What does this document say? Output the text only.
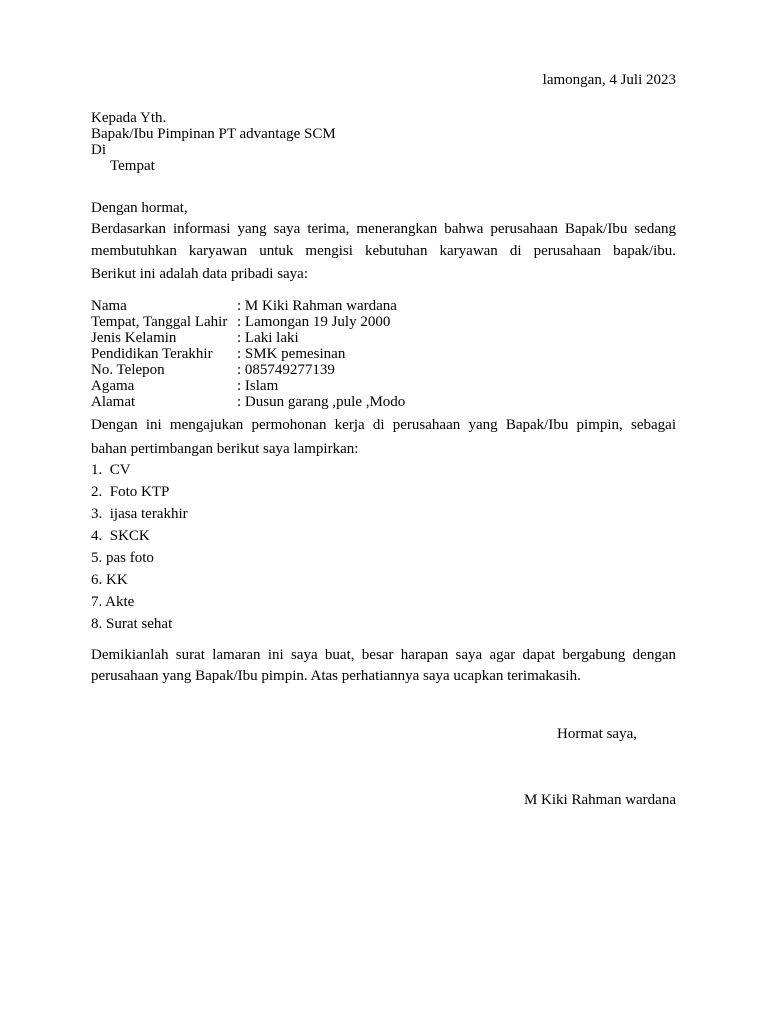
lamongan, 4 Juli 2023
Kepada Yth.
Bapak/Ibu Pimpinan PT advantage SCM
Di
Tempat
Dengan hormat,
Berdasarkan informasi yang saya terima, menerangkan bahwa perusahaan Bapak/Ibu sedang membutuhkan karyawan untuk mengisi kebutuhan karyawan di perusahaan bapak/ibu.
Berikut ini adalah data pribadi saya:
Nama	: M Kiki Rahman wardana
Tempat, Tanggal Lahir	: Lamongan 19 July 2000
Jenis Kelamin	: Laki laki
Pendidikan Terakhir	: SMK pemesinan
No. Telepon	: 085749277139
Agama	: Islam
Alamat	: Dusun garang ,pule ,Modo
Dengan ini mengajukan permohonan kerja di perusahaan yang Bapak/Ibu pimpin, sebagai
bahan pertimbangan berikut saya lampirkan:
1.  CV
2.  Foto KTP
3.  ijasa terakhir
4.  SKCK
5. pas foto
6. KK
7. Akte
8. Surat sehat
Demikianlah surat lamaran ini saya buat, besar harapan saya agar dapat bergabung dengan
perusahaan yang Bapak/Ibu pimpin. Atas perhatiannya saya ucapkan terimakasih.
Hormat saya,
M Kiki Rahman wardana
